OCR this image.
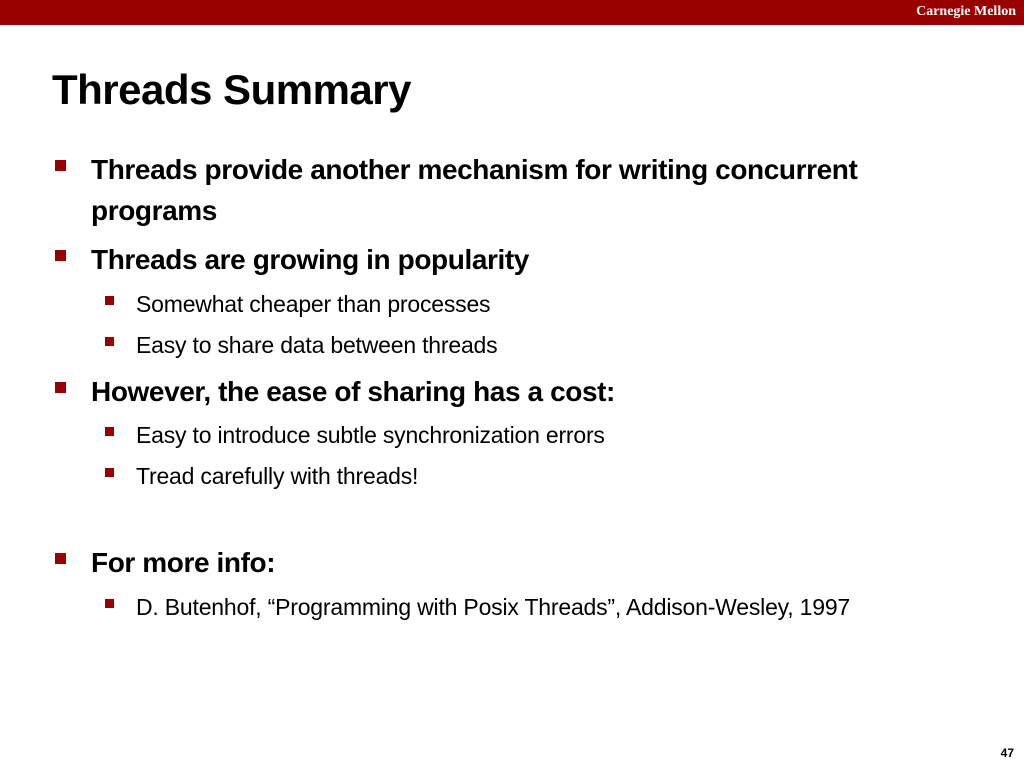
Carnegie Mellon
Threads Summary
Threads provide another mechanism for writing concurrent programs
Threads are growing in popularity
Somewhat cheaper than processes
Easy to share data between threads
However, the ease of sharing has a cost:
Easy to introduce subtle synchronization errors
Tread carefully with threads!
For more info:
D. Butenhof, “Programming with Posix Threads”, Addison-Wesley, 1997
47
